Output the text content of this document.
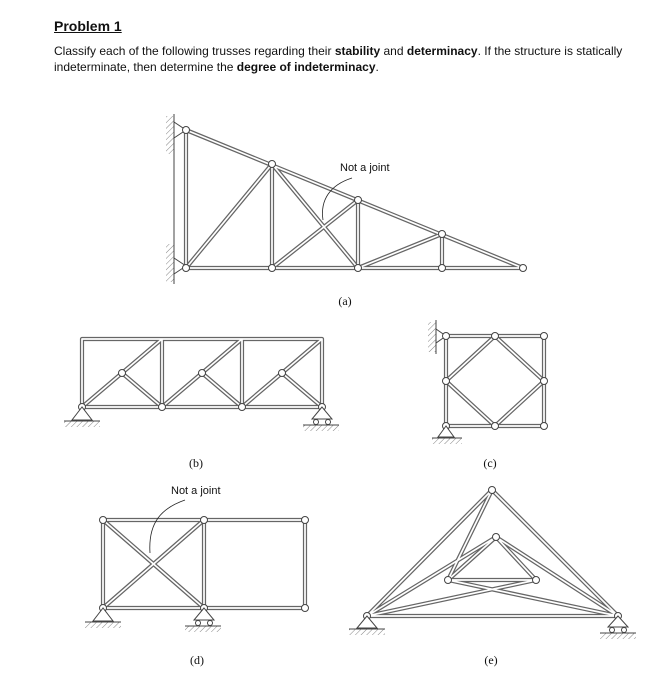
Problem 1

Classify each of the following trusses regarding their stability and determinacy. If the structure is statically indeterminate, then determine the degree of indeterminacy.

Not a joint
(a)
(b)	(c)
Not a joint
(d)	(e)
